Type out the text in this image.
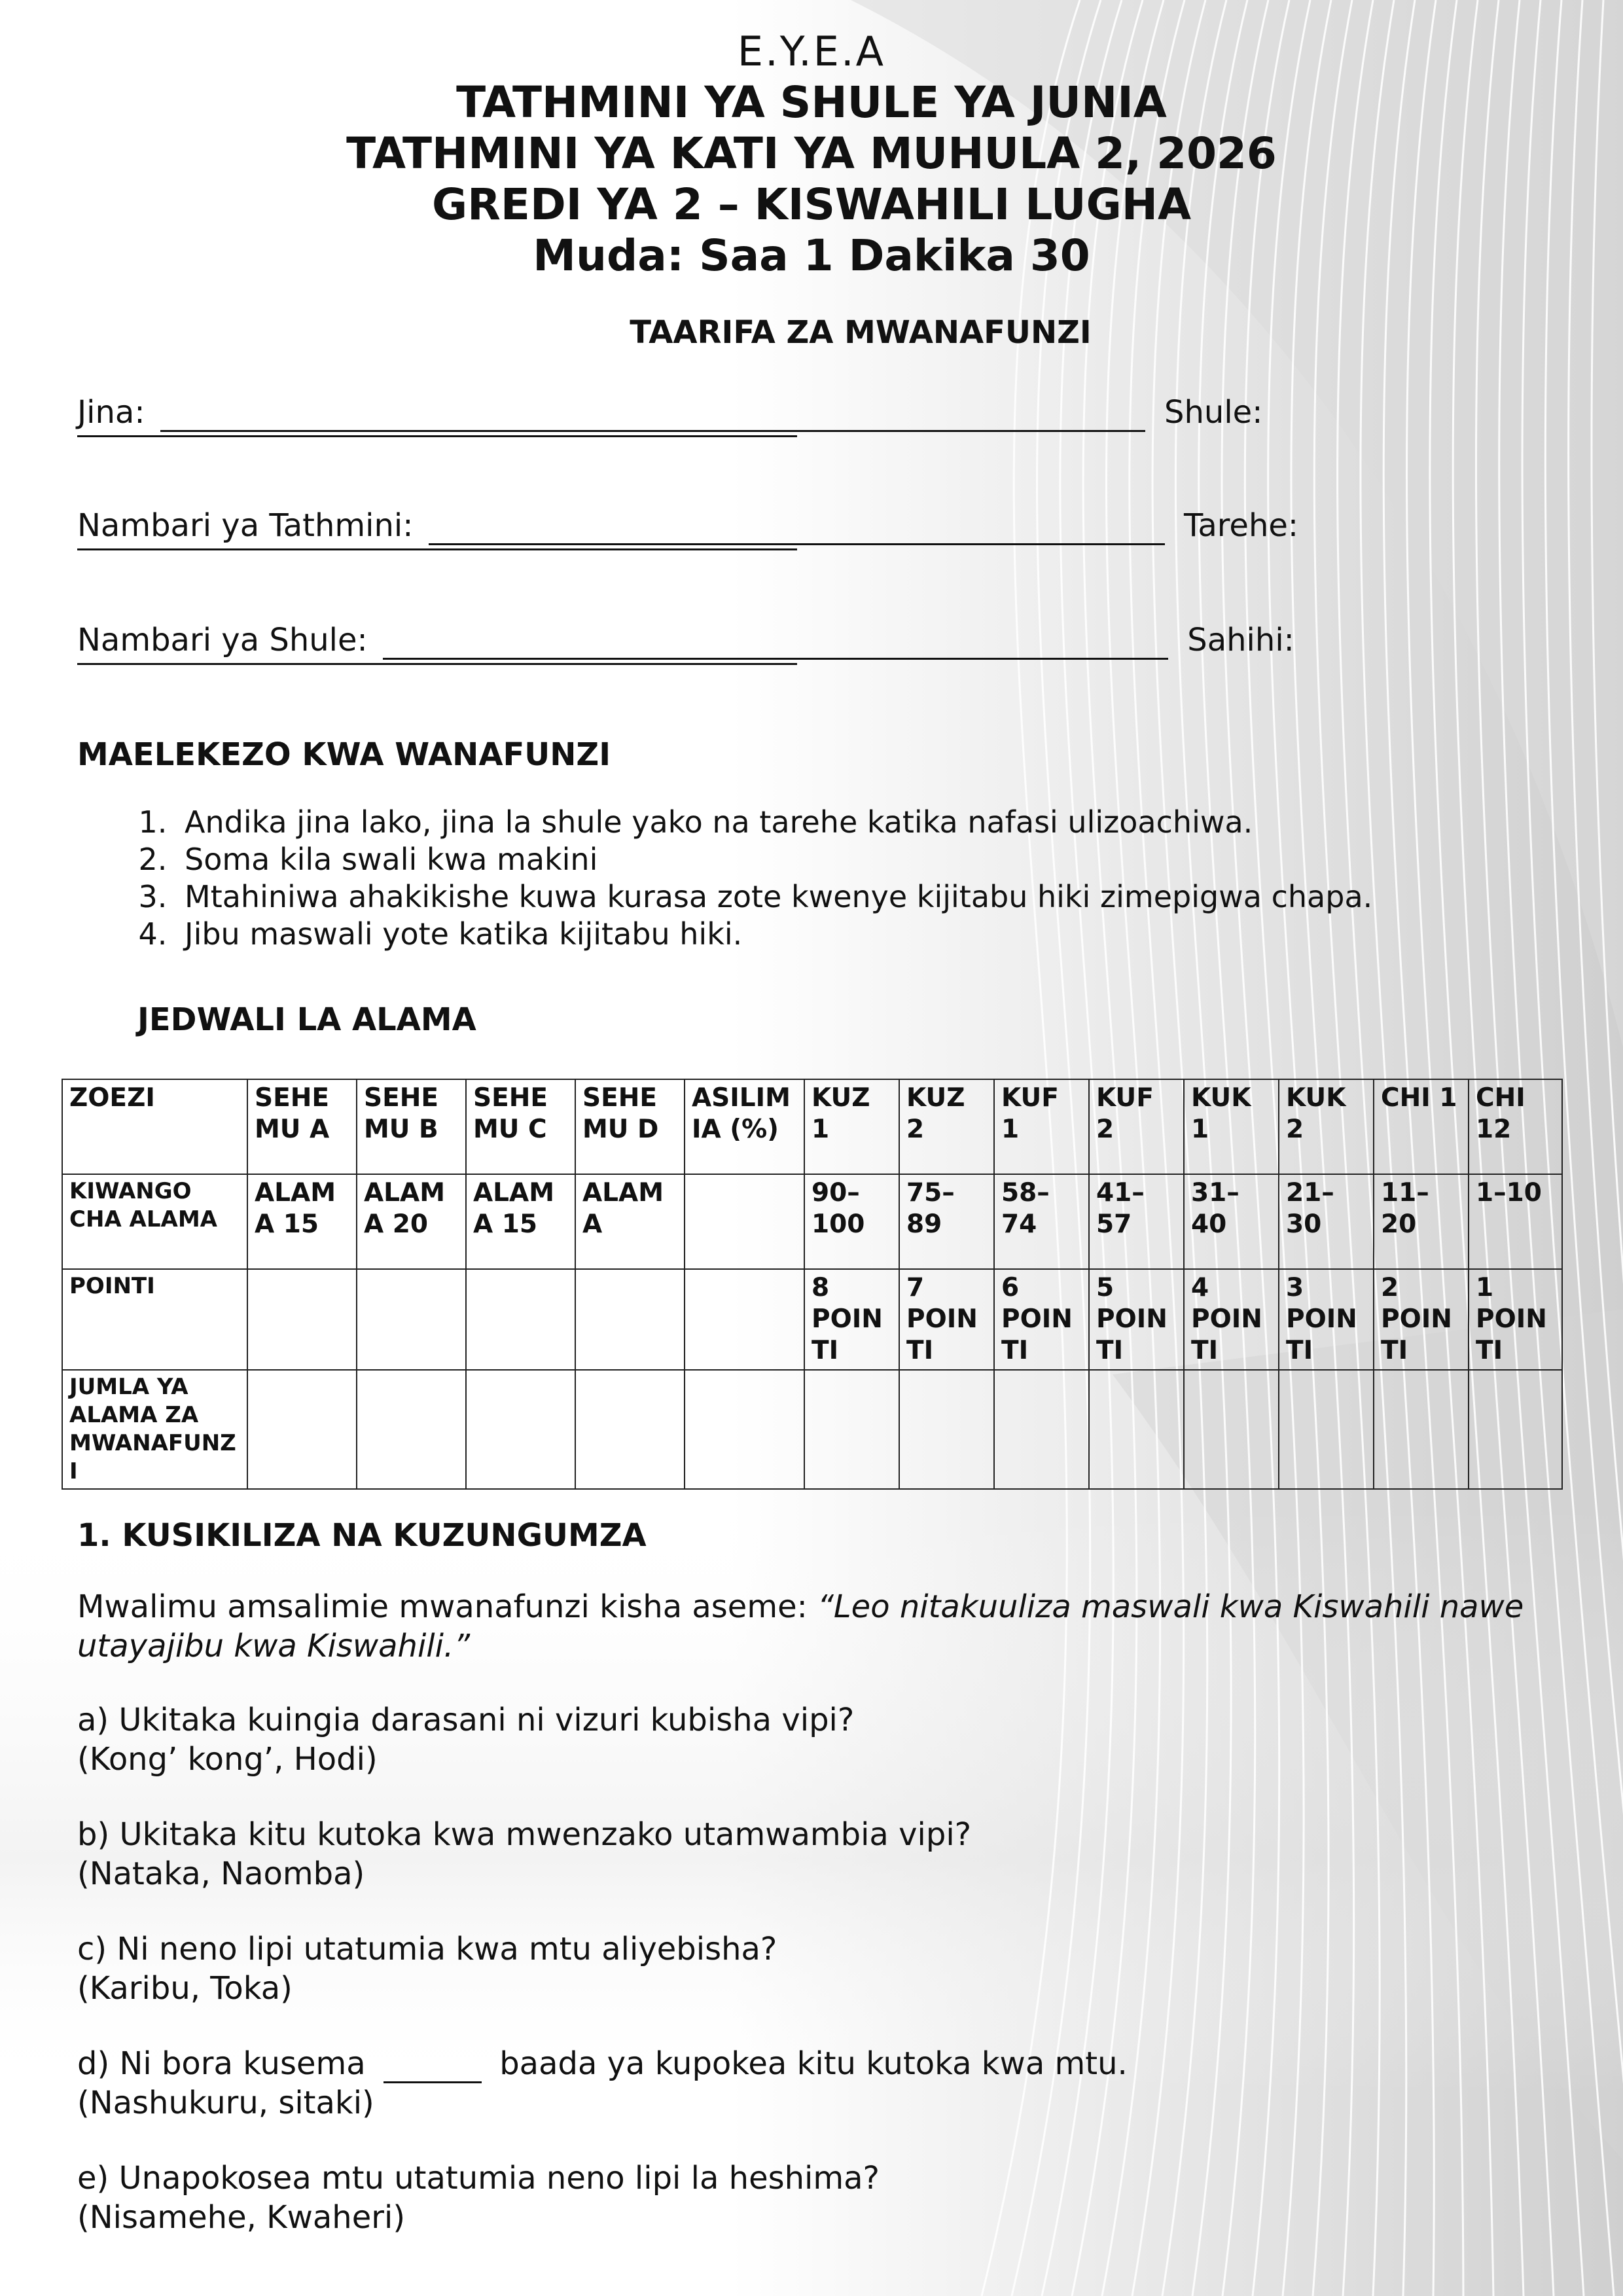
E.Y.E.A
TATHMINI YA SHULE YA JUNIA
TATHMINI YA KATI YA MUHULA 2, 2026
GREDI YA 2 – KISWAHILI LUGHA
Muda: Saa 1 Dakika 30
TAARIFA ZA MWANAFUNZI
Jina:	Shule:
Nambari ya Tathmini:	Tarehe:
Nambari ya Shule:	Sahihi:
MAELEKEZO KWA WANAFUNZI
1. Andika jina lako, jina la shule yako na tarehe katika nafasi ulizoachiwa.
2. Soma kila swali kwa makini
3. Mtahiniwa ahakikishe kuwa kurasa zote kwenye kijitabu hiki zimepigwa chapa.
4. Jibu maswali yote katika kijitabu hiki.
JEDWALI LA ALAMA
ZOEZI	SEHEMU A	SEHEMU B	SEHEMU C	SEHEMU D	ASILIMIA (%)	KUZ 1	KUZ 2	KUF 1	KUF 2	KUK 1	KUK 2	CHI 1	CHI 12
KIWANGO CHA ALAMA	ALAMA 15	ALAMA 20	ALAMA 15	ALAMA		90–100	75–89	58–74	41–57	31–40	21–30	11–20	1–10
POINTI						8 POINTI	7 POINTI	6 POINTI	5 POINTI	4 POINTI	3 POINTI	2 POINTI	1 POINTI
JUMLA YA ALAMA ZA MWANAFUNZI													
1. KUSIKILIZA NA KUZUNGUMZA
Mwalimu amsalimie mwanafunzi kisha aseme: “Leo nitakuuliza maswali kwa Kiswahili nawe utayajibu kwa Kiswahili.”
a) Ukitaka kuingia darasani ni vizuri kubisha vipi?
(Kong’ kong’, Hodi)
b) Ukitaka kitu kutoka kwa mwenzako utamwambia vipi?
(Nataka, Naomba)
c) Ni neno lipi utatumia kwa mtu aliyebisha?
(Karibu, Toka)
d) Ni bora kusema	baada ya kupokea kitu kutoka kwa mtu.
(Nashukuru, sitaki)
e) Unapokosea mtu utatumia neno lipi la heshima?
(Nisamehe, Kwaheri)
